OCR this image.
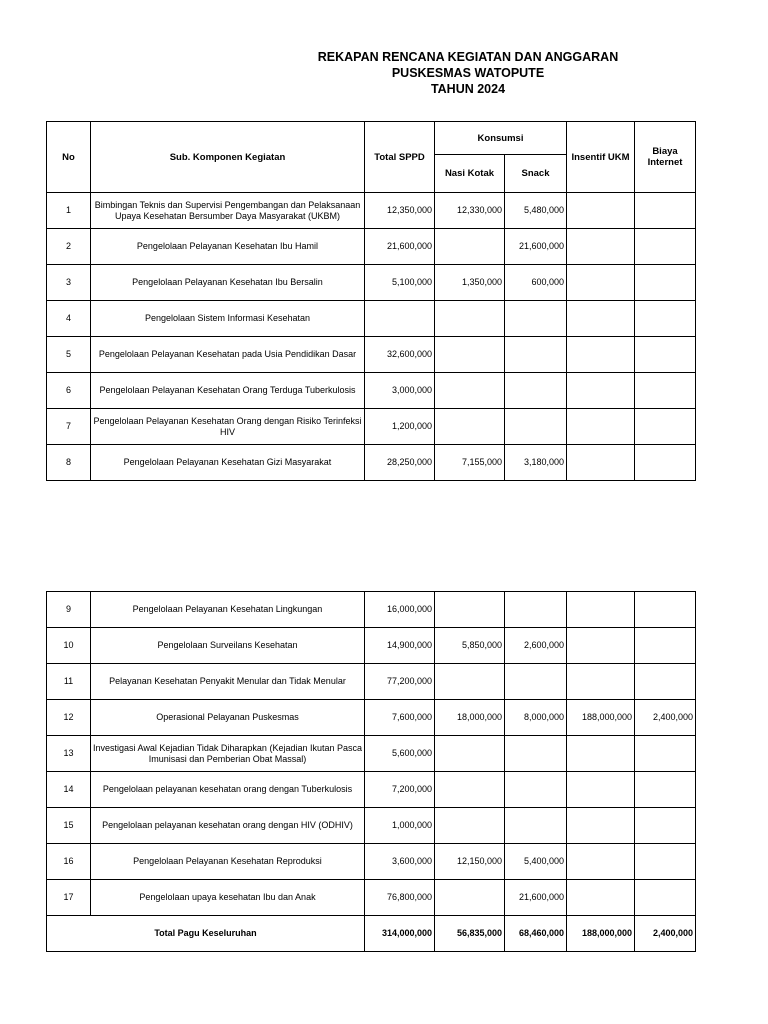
REKAPAN RENCANA KEGIATAN DAN ANGGARAN
PUSKESMAS WATOPUTE
TAHUN 2024
No	Sub. Komponen Kegiatan	Total SPPD	Konsumsi		Insentif UKM	Biaya Internet
			Nasi Kotak	Snack		
1	Bimbingan Teknis dan Supervisi Pengembangan dan Pelaksanaan Upaya Kesehatan Bersumber Daya Masyarakat (UKBM)	12,350,000	12,330,000	5,480,000		
2	Pengelolaan Pelayanan Kesehatan Ibu Hamil	21,600,000		21,600,000		
3	Pengelolaan Pelayanan Kesehatan Ibu Bersalin	5,100,000	1,350,000	600,000		
4	Pengelolaan Sistem Informasi Kesehatan					
5	Pengelolaan Pelayanan Kesehatan pada Usia Pendidikan Dasar	32,600,000				
6	Pengelolaan Pelayanan Kesehatan Orang Terduga Tuberkulosis	3,000,000				
7	Pengelolaan Pelayanan Kesehatan Orang dengan Risiko Terinfeksi HIV	1,200,000				
8	Pengelolaan Pelayanan Kesehatan Gizi Masyarakat	28,250,000	7,155,000	3,180,000		
9	Pengelolaan Pelayanan Kesehatan Lingkungan	16,000,000				
10	Pengelolaan Surveilans Kesehatan	14,900,000	5,850,000	2,600,000		
11	Pelayanan Kesehatan Penyakit Menular dan Tidak Menular	77,200,000				
12	Operasional Pelayanan Puskesmas	7,600,000	18,000,000	8,000,000	188,000,000	2,400,000
13	Investigasi Awal Kejadian Tidak Diharapkan (Kejadian Ikutan Pasca Imunisasi dan Pemberian Obat Massal)	5,600,000				
14	Pengelolaan pelayanan kesehatan orang dengan Tuberkulosis	7,200,000				
15	Pengelolaan pelayanan kesehatan orang dengan HIV (ODHIV)	1,000,000				
16	Pengelolaan Pelayanan Kesehatan Reproduksi	3,600,000	12,150,000	5,400,000		
17	Pengelolaan upaya kesehatan Ibu dan Anak	76,800,000		21,600,000		
Total Pagu Keseluruhan		314,000,000	56,835,000	68,460,000	188,000,000	2,400,000
